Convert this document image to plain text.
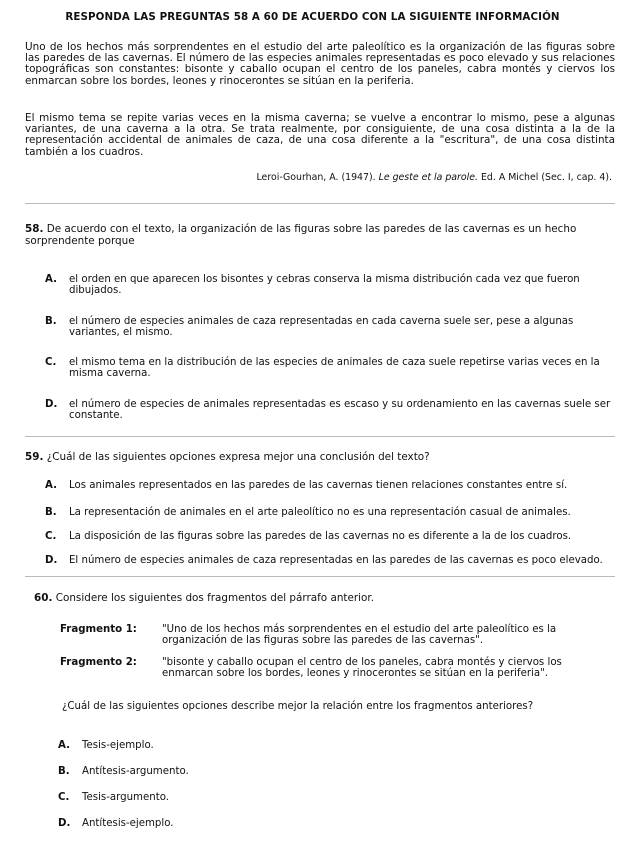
RESPONDA LAS PREGUNTAS 58 A 60 DE ACUERDO CON LA SIGUIENTE INFORMACIÓN
Uno de los hechos más sorprendentes en el estudio del arte paleolítico es la organización de las figuras sobre las paredes de las cavernas. El número de las especies animales representadas es poco elevado y sus relaciones topográficas son constantes: bisonte y caballo ocupan el centro de los paneles, cabra montés y ciervos los enmarcan sobre los bordes, leones y rinocerontes se sitúan en la periferia.
El mismo tema se repite varias veces en la misma caverna; se vuelve a encontrar lo mismo, pese a algunas variantes, de una caverna a la otra. Se trata realmente, por consiguiente, de una cosa distinta a la de la representación accidental de animales de caza, de una cosa diferente a la "escritura", de una cosa distinta también a los cuadros.
Leroi-Gourhan, A. (1947). Le geste et la parole. Ed. A Michel (Sec. I, cap. 4).
58. De acuerdo con el texto, la organización de las figuras sobre las paredes de las cavernas es un hecho sorprendente porque
A.	el orden en que aparecen los bisontes y cebras conserva la misma distribución cada vez que fueron dibujados.
B.	el número de especies animales de caza representadas en cada caverna suele ser, pese a algunas variantes, el mismo.
C.	el mismo tema en la distribución de las especies de animales de caza suele repetirse varias veces en la misma caverna.
D.	el número de especies de animales representadas es escaso y su ordenamiento en las cavernas suele ser constante.
59. ¿Cuál de las siguientes opciones expresa mejor una conclusión del texto?
A.	Los animales representados en las paredes de las cavernas tienen relaciones constantes entre sí.
B.	La representación de animales en el arte paleolítico no es una representación casual de animales.
C.	La disposición de las figuras sobre las paredes de las cavernas no es diferente a la de los cuadros.
D.	El número de especies animales de caza representadas en las paredes de las cavernas es poco elevado.
60. Considere los siguientes dos fragmentos del párrafo anterior.
Fragmento 1: "Uno de los hechos más sorprendentes en el estudio del arte paleolítico es la organización de las figuras sobre las paredes de las cavernas".
Fragmento 2: "bisonte y caballo ocupan el centro de los paneles, cabra montés y ciervos los enmarcan sobre los bordes, leones y rinocerontes se sitúan en la periferia".
¿Cuál de las siguientes opciones describe mejor la relación entre los fragmentos anteriores?
A.	Tesis-ejemplo.
B.	Antítesis-argumento.
C.	Tesis-argumento.
D.	Antítesis-ejemplo.
